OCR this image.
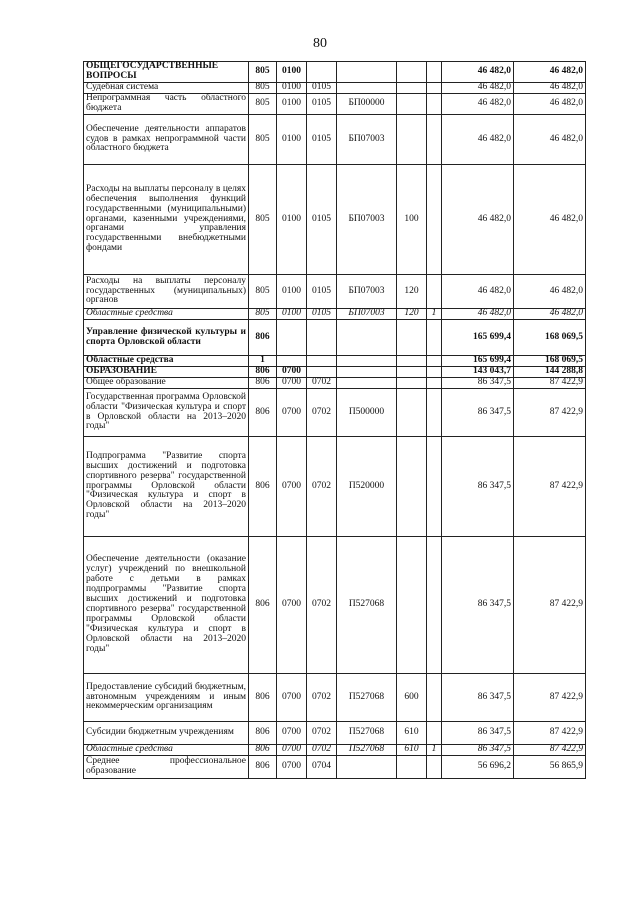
80
ОБЩЕГОСУДАРСТВЕННЫЕ ВОПРОСЫ	805	0100					46 482,0	46 482,0
Судебная система	805	0100	0105				46 482,0	46 482,0
Непрограммная часть областного бюджета	805	0100	0105	БП00000			46 482,0	46 482,0
Обеспечение деятельности аппаратов судов в рамках непрограммной части областного бюджета	805	0100	0105	БП07003			46 482,0	46 482,0
Расходы на выплаты персоналу в целях обеспечения выполнения функций государственными (муниципальными) органами, казенными учреждениями, органами управления государственными внебюджетными фондами	805	0100	0105	БП07003	100		46 482,0	46 482,0
Расходы на выплаты персоналу государственных (муниципальных) органов	805	0100	0105	БП07003	120		46 482,0	46 482,0
Областные средства	805	0100	0105	БП07003	120	1	46 482,0	46 482,0
Управление физической культуры и спорта Орловской области	806						165 699,4	168 069,5
Областные средства	1						165 699,4	168 069,5
ОБРАЗОВАНИЕ	806	0700					143 043,7	144 288,8
Общее образование	806	0700	0702				86 347,5	87 422,9
Государственная программа Орловской области "Физическая культура и спорт в Орловской области на 2013–2020 годы"	806	0700	0702	П500000			86 347,5	87 422,9
Подпрограмма "Развитие спорта высших достижений и подготовка спортивного резерва" государственной программы Орловской области "Физическая культура и спорт в Орловской области на 2013–2020 годы"	806	0700	0702	П520000			86 347,5	87 422,9
Обеспечение деятельности (оказание услуг) учреждений по внешкольной работе с детьми в рамках подпрограммы "Развитие спорта высших достижений и подготовка спортивного резерва" государственной программы Орловской области "Физическая культура и спорт в Орловской области на 2013–2020 годы"	806	0700	0702	П527068			86 347,5	87 422,9
Предоставление субсидий бюджетным, автономным учреждениям и иным некоммерческим организациям	806	0700	0702	П527068	600		86 347,5	87 422,9
Субсидии бюджетным учреждениям	806	0700	0702	П527068	610		86 347,5	87 422,9
Областные средства	806	0700	0702	П527068	610	1	86 347,5	87 422,9
Среднее профессиональное образование	806	0700	0704				56 696,2	56 865,9
